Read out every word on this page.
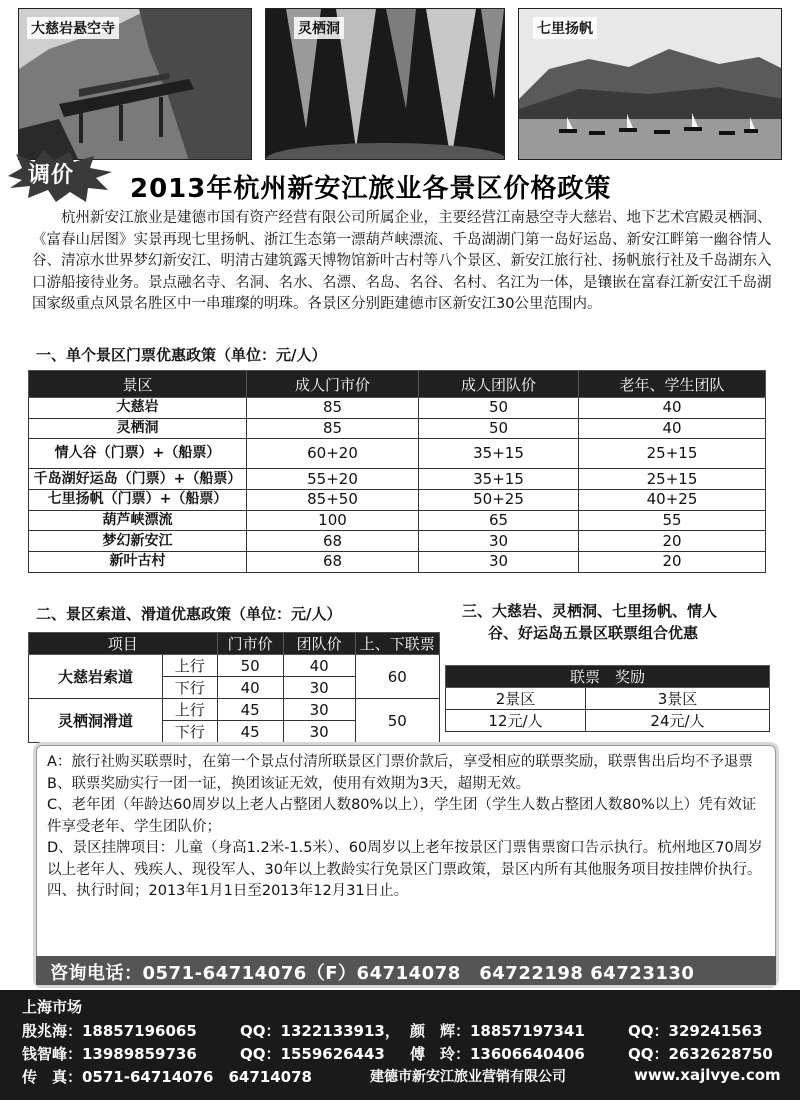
大慈岩悬空寺	灵栖洞	七里扬帆
调价 2013年杭州新安江旅业各景区价格政策

杭州新安江旅业是建德市国有资产经营有限公司所属企业，主要经营江南悬空寺大慈岩、地下艺术宫殿灵栖洞、《富春山居图》实景再现七里扬帆、浙江生态第一漂葫芦峡漂流、千岛湖湖门第一岛好运岛、新安江畔第一幽谷情人谷、清凉水世界梦幻新安江、明清古建筑露天博物馆新叶古村等八个景区、新安江旅行社、扬帆旅行社及千岛湖东入口游船接待业务。景点融名寺、名洞、名水、名漂、名岛、名谷、名村、名江为一体，是镶嵌在富春江新安江千岛湖国家级重点风景名胜区中一串璀璨的明珠。各景区分别距建德市区新安江30公里范围内。

一、单个景区门票优惠政策（单位：元/人）
景区	成人门市价	成人团队价	老年、学生团队
大慈岩	85	50	40
灵栖洞	85	50	40
情人谷（门票）+（船票）	60+20	35+15	25+15
千岛湖好运岛（门票）+（船票）	55+20	35+15	25+15
七里扬帆（门票）+（船票）	85+50	50+25	40+25
葫芦峡漂流	100	65	55
梦幻新安江	68	30	20
新叶古村	68	30	20
二、景区索道、滑道优惠政策（单位：元/人）
项目		门市价	团队价	上、下联票
大慈岩索道	上行	50	40	60
	下行	40	30	
灵栖洞滑道	上行	45	30	50
	下行	45	30	
三、大慈岩、灵栖洞、七里扬帆、情人
谷、好运岛五景区联票组合优惠
联票　奖励	
2景区	3景区
12元/人	24元/人

A：旅行社购买联票时，在第一个景点付清所联景区门票价款后，享受相应的联票奖励，联票售出后均不予退票

B、联票奖励实行一团一证，换团该证无效，使用有效期为3天，超期无效。

C、老年团（年龄达60周岁以上老人占整团人数80%以上），学生团（学生人数占整团人数80%以上）凭有效证件享受老年、学生团队价；

D、景区挂牌项目：儿童（身高1.2米-1.5米）、60周岁以上老年按景区门票售票窗口告示执行。杭州地区70周岁以上老年人、残疾人、现役军人、30年以上教龄实行免景区门票政策，景区内所有其他服务项目按挂牌价执行。

四、执行时间；2013年1月1日至2013年12月31日止。

咨询电话：0571-64714076（F）64714078　64722198 64723130
上海市场
殷兆海：18857196065	QQ：1322133913， 颜　辉：18857197341	QQ：329241563
钱智峰：13989859736	QQ：1559626443 傅　玲：13606640406	QQ：2632628750
传　真：0571-64714076　64714078	建德市新安江旅业营销有限公司	www.xajlvye.com
